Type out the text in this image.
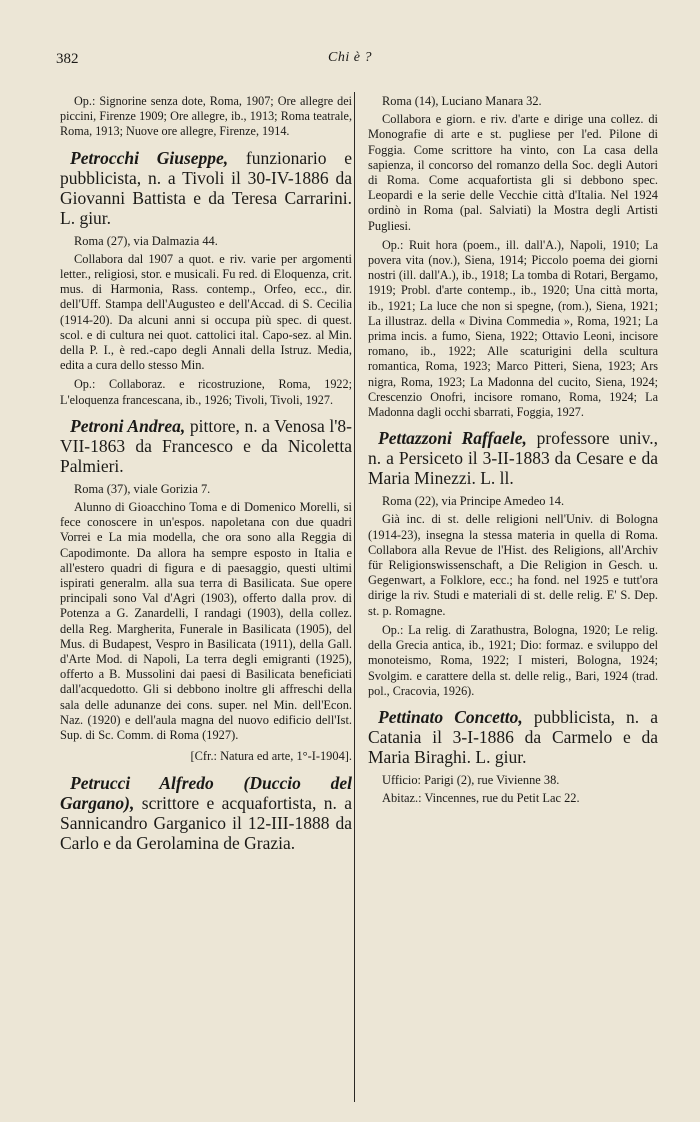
382	Chi è ?

Op.: Signorine senza dote, Roma, 1907; Ore allegre dei piccini, Firenze 1909; Ore allegre, ib., 1913; Roma teatrale, Roma, 1913; Nuove ore allegre, Firenze, 1914.

Petrocchi Giuseppe, funzionario e pubblicista, n. a Tivoli il 30-IV-1886 da Giovanni Battista e da Teresa Carrarini. L. giur.

Roma (27), via Dalmazia 44.

Collabora dal 1907 a quot. e riv. varie per argomenti letter., religiosi, stor. e musicali. Fu red. di Eloquenza, crit. mus. di Harmonia, Rass. contemp., Orfeo, ecc., dir. dell'Uff. Stampa dell'Augusteo e dell'Accad. di S. Cecilia (1914-20). Da alcuni anni si occupa più spec. di quest. scol. e di cultura nei quot. cattolici ital. Capo-sez. al Min. della P. I., è red.-capo degli Annali della Istruz. Media, edita a cura dello stesso Min.

Op.: Collaboraz. e ricostruzione, Roma, 1922; L'eloquenza francescana, ib., 1926; Tivoli, Tivoli, 1927.

Petroni Andrea, pittore, n. a Venosa l'8-VII-1863 da Francesco e da Nicoletta Palmieri.

Roma (37), viale Gorizia 7.

Alunno di Gioacchino Toma e di Domenico Morelli, si fece conoscere in un'espos. napoletana con due quadri Vorrei e La mia modella, che ora sono alla Reggia di Capodimonte. Da allora ha sempre esposto in Italia e all'estero quadri di figura e di paesaggio, questi ultimi ispirati generalm. alla sua terra di Basilicata. Sue opere principali sono Val d'Agri (1903), offerto dalla prov. di Potenza a G. Zanardelli, I randagi (1903), della collez. della Reg. Margherita, Funerale in Basilicata (1905), del Mus. di Budapest, Vespro in Basilicata (1911), della Gall. d'Arte Mod. di Napoli, La terra degli emigranti (1925), offerto a B. Mussolini dai paesi di Basilicata beneficiati dall'acquedotto. Gli si debbono inoltre gli affreschi della sala delle adunanze dei cons. super. nel Min. dell'Econ. Naz. (1920) e dell'aula magna del nuovo edificio dell'Ist. Sup. di Sc. Comm. di Roma (1927).

[Cfr.: Natura ed arte, 1°-I-1904].
Petrucci Alfredo (Duccio del Gargano), scrittore e acquafortista, n. a Sannicandro Garganico il 12-III-1888 da Carlo e da Gerolamina de Grazia.

Roma (14), Luciano Manara 32.

Collabora e giorn. e riv. d'arte e dirige una collez. di Monografie di arte e st. pugliese per l'ed. Pilone di Foggia. Come scrittore ha vinto, con La casa della sapienza, il concorso del romanzo della Soc. degli Autori di Roma. Come acquafortista gli si debbono spec. Leopardi e la serie delle Vecchie città d'Italia. Nel 1924 ordinò in Roma (pal. Salviati) la Mostra degli Artisti Pugliesi.

Op.: Ruit hora (poem., ill. dall'A.), Napoli, 1910; La povera vita (nov.), Siena, 1914; Piccolo poema dei giorni nostri (ill. dall'A.), ib., 1918; La tomba di Rotari, Bergamo, 1919; Probl. d'arte contemp., ib., 1920; Una città morta, ib., 1921; La luce che non si spegne, (rom.), Siena, 1921; La illustraz. della « Divina Commedia », Roma, 1921; La prima incis. a fumo, Siena, 1922; Ottavio Leoni, incisore romano, ib., 1922; Alle scaturigini della scultura romantica, Roma, 1923; Marco Pitteri, Siena, 1923; Ars nigra, Roma, 1923; La Madonna del cucito, Siena, 1924; Crescenzio Onofri, incisore romano, Roma, 1924; La Madonna dagli occhi sbarrati, Foggia, 1927.

Pettazzoni Raffaele, professore univ., n. a Persiceto il 3-II-1883 da Cesare e da Maria Minezzi. L. ll.

Roma (22), via Principe Amedeo 14.

Già inc. di st. delle religioni nell'Univ. di Bologna (1914-23), insegna la stessa materia in quella di Roma. Collabora alla Revue de l'Hist. des Religions, all'Archiv für Religionswissenschaft, a Die Religion in Gesch. u. Gegenwart, a Folklore, ecc.; ha fond. nel 1925 e tutt'ora dirige la riv. Studi e materiali di st. delle relig. E' S. Dep. st. p. Romagne.

Op.: La relig. di Zarathustra, Bologna, 1920; Le relig. della Grecia antica, ib., 1921; Dio: formaz. e sviluppo del monoteismo, Roma, 1922; I misteri, Bologna, 1924; Svolgim. e carattere della st. delle relig., Bari, 1924 (trad. pol., Cracovia, 1926).

Pettinato Concetto, pubblicista, n. a Catania il 3-I-1886 da Carmelo e da Maria Biraghi. L. giur.

Ufficio: Parigi (2), rue Vivienne 38.

Abitaz.: Vincennes, rue du Petit Lac 22.
